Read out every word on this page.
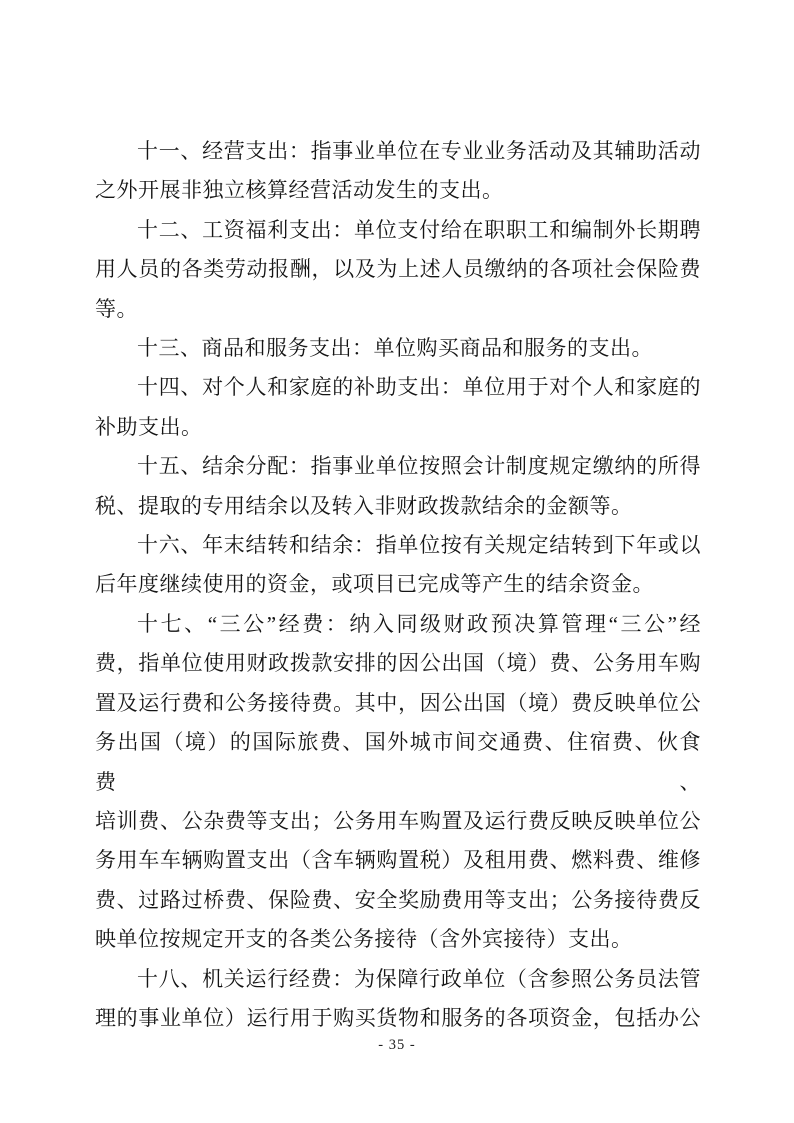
十一、经营支出：指事业单位在专业业务活动及其辅助活动
之外开展非独立核算经营活动发生的支出。

十二、工资福利支出：单位支付给在职职工和编制外长期聘
用人员的各类劳动报酬，以及为上述人员缴纳的各项社会保险费
等。

十三、商品和服务支出：单位购买商品和服务的支出。

十四、对个人和家庭的补助支出：单位用于对个人和家庭的
补助支出。

十五、结余分配：指事业单位按照会计制度规定缴纳的所得
税、提取的专用结余以及转入非财政拨款结余的金额等。

十六、年末结转和结余：指单位按有关规定结转到下年或以
后年度继续使用的资金，或项目已完成等产生的结余资金。

十七、“三公”经费：纳入同级财政预决算管理“三公”经
费，指单位使用财政拨款安排的因公出国（境）费、公务用车购
置及运行费和公务接待费。其中，因公出国（境）费反映单位公
务出国（境）的国际旅费、国外城市间交通费、住宿费、伙食费、
培训费、公杂费等支出；公务用车购置及运行费反映反映单位公
务用车车辆购置支出（含车辆购置税）及租用费、燃料费、维修
费、过路过桥费、保险费、安全奖励费用等支出；公务接待费反
映单位按规定开支的各类公务接待（含外宾接待）支出。

十八、机关运行经费：为保障行政单位（含参照公务员法管
理的事业单位）运行用于购买货物和服务的各项资金，包括办公

- 35 -
